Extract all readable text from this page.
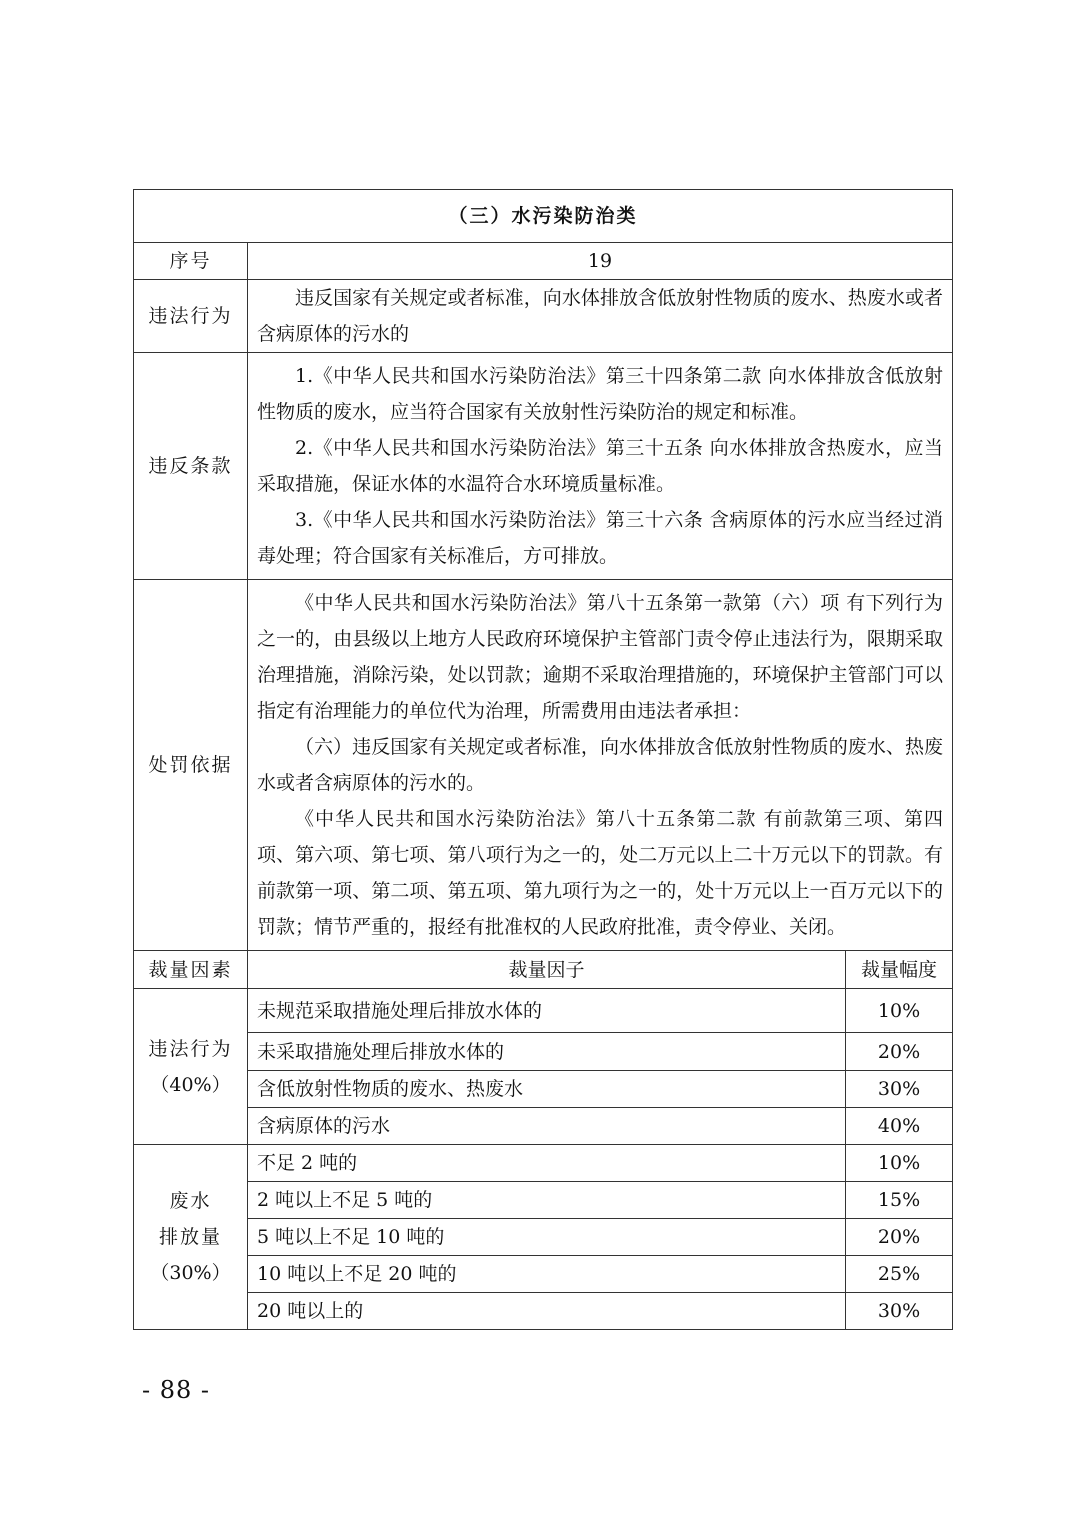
（三）水污染防治类		
序号	19	
违法行为	违反国家有关规定或者标准，向水体排放含低放射性物质的废水、热废水或者含病原体的污水的	

违反条款	1.《中华人民共和国水污染防治法》第三十四条第二款 向水体排放含低放射性物质的废水，应当符合国家有关放射性污染防治的规定和标准。

2.《中华人民共和国水污染防治法》第三十五条 向水体排放含热废水，应当采取措施，保证水体的水温符合水环境质量标准。

3.《中华人民共和国水污染防治法》第三十六条 含病原体的污水应当经过消毒处理；符合国家有关标准后，方可排放。	

处罚依据	《中华人民共和国水污染防治法》第八十五条第一款第（六）项 有下列行为之一的，由县级以上地方人民政府环境保护主管部门责令停止违法行为，限期采取治理措施，消除污染，处以罚款；逾期不采取治理措施的，环境保护主管部门可以指定有治理能力的单位代为治理，所需费用由违法者承担：

（六）违反国家有关规定或者标准，向水体排放含低放射性物质的废水、热废水或者含病原体的污水的。

《中华人民共和国水污染防治法》第八十五条第二款 有前款第三项、第四项、第六项、第七项、第八项行为之一的，处二万元以上二十万元以下的罚款。有前款第一项、第二项、第五项、第九项行为之一的，处十万元以上一百万元以下的罚款；情节严重的，报经有批准权的人民政府批准，责令停业、关闭。	

裁量因素	裁量因子	裁量幅度

违法行为
（40%）	未规范采取措施处理后排放水体的	10%
	未采取措施处理后排放水体的	20%
	含低放射性物质的废水、热废水	30%
	含病原体的污水	40%

废水
排放量
（30%）	不足 2 吨的	10%
	2 吨以上不足 5 吨的	15%
	5 吨以上不足 10 吨的	20%
	10 吨以上不足 20 吨的	25%
	20 吨以上的	30%
- 88 -
